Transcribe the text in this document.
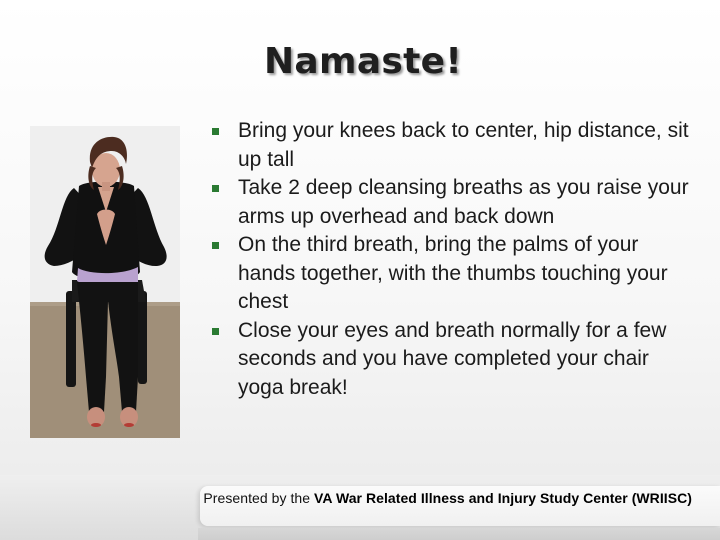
Namaste!
Bring your knees back to center, hip distance, sit up tall
Take 2 deep cleansing breaths as you raise your arms up overhead and back down
On the third breath, bring the palms of your hands together, with the thumbs touching your chest
Close your eyes and breath normally for a few seconds and you have completed your chair yoga break!
Presented by the VA War Related Illness and Injury Study Center (WRIISC)
